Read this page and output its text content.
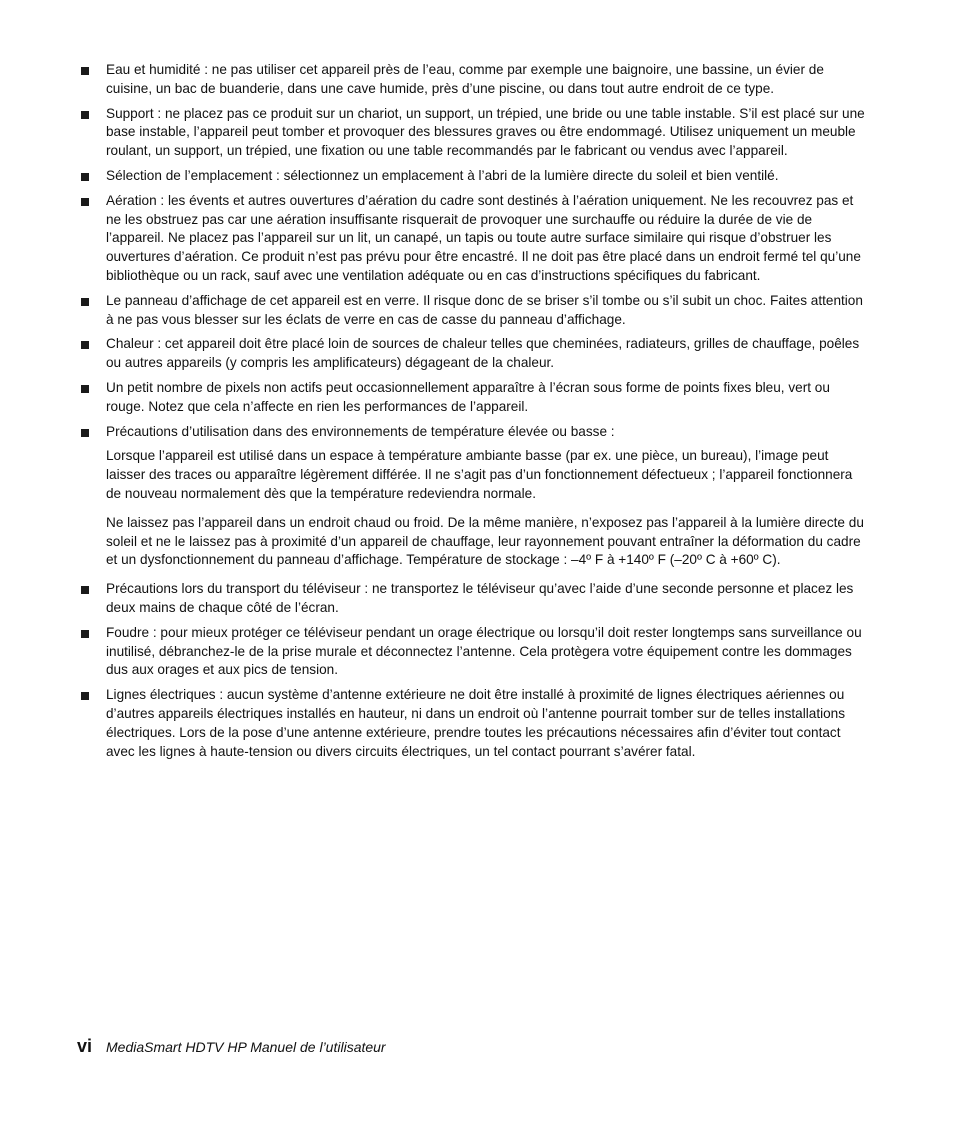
Eau et humidité : ne pas utiliser cet appareil près de l’eau, comme par exemple une baignoire, une bassine, un évier de cuisine, un bac de buanderie, dans une cave humide, près d’une piscine, ou dans tout autre endroit de ce type.
Support : ne placez pas ce produit sur un chariot, un support, un trépied, une bride ou une table instable. S’il est placé sur une base instable, l’appareil peut tomber et provoquer des blessures graves ou être endommagé. Utilisez uniquement un meuble roulant, un support, un trépied, une fixation ou une table recommandés par le fabricant ou vendus avec l’appareil.
Sélection de l’emplacement : sélectionnez un emplacement à l’abri de la lumière directe du soleil et bien ventilé.
Aération : les évents et autres ouvertures d’aération du cadre sont destinés à l’aération uniquement. Ne les recouvrez pas et ne les obstruez pas car une aération insuffisante risquerait de provoquer une surchauffe ou réduire la durée de vie de l’appareil. Ne placez pas l’appareil sur un lit, un canapé, un tapis ou toute autre surface similaire qui risque d’obstruer les ouvertures d’aération. Ce produit n’est pas prévu pour être encastré. Il ne doit pas être placé dans un endroit fermé tel qu’une bibliothèque ou un rack, sauf avec une ventilation adéquate ou en cas d’instructions spécifiques du fabricant.
Le panneau d’affichage de cet appareil est en verre. Il risque donc de se briser s’il tombe ou s’il subit un choc. Faites attention à ne pas vous blesser sur les éclats de verre en cas de casse du panneau d’affichage.
Chaleur : cet appareil doit être placé loin de sources de chaleur telles que cheminées, radiateurs, grilles de chauffage, poêles ou autres appareils (y compris les amplificateurs) dégageant de la chaleur.
Un petit nombre de pixels non actifs peut occasionnellement apparaître à l’écran sous forme de points fixes bleu, vert ou rouge. Notez que cela n’affecte en rien les performances de l’appareil.
Précautions d’utilisation dans des environnements de température élevée ou basse :
Lorsque l’appareil est utilisé dans un espace à température ambiante basse (par ex. une pièce, un bureau), l’image peut laisser des traces ou apparaître légèrement différée. Il ne s’agit pas d’un fonctionnement défectueux ; l’appareil fonctionnera de nouveau normalement dès que la température redeviendra normale.
Ne laissez pas l’appareil dans un endroit chaud ou froid. De la même manière, n’exposez pas l’appareil à la lumière directe du soleil et ne le laissez pas à proximité d’un appareil de chauffage, leur rayonnement pouvant entraîner la déformation du cadre et un dysfonctionnement du panneau d’affichage. Température de stockage : –4º F à +140º F (–20º C à +60º C).
Précautions lors du transport du téléviseur : ne transportez le téléviseur qu’avec l’aide d’une seconde personne et placez les deux mains de chaque côté de l’écran.
Foudre : pour mieux protéger ce téléviseur pendant un orage électrique ou lorsqu’il doit rester longtemps sans surveillance ou inutilisé, débranchez-le de la prise murale et déconnectez l’antenne. Cela protègera votre équipement contre les dommages dus aux orages et aux pics de tension.
Lignes électriques : aucun système d’antenne extérieure ne doit être installé à proximité de lignes électriques aériennes ou d’autres appareils électriques installés en hauteur, ni dans un endroit où l’antenne pourrait tomber sur de telles installations électriques. Lors de la pose d’une antenne extérieure, prendre toutes les précautions nécessaires afin d’éviter tout contact avec les lignes à haute-tension ou divers circuits électriques, un tel contact pourrant s’avérer fatal.
vi MediaSmart HDTV HP Manuel de l’utilisateur
